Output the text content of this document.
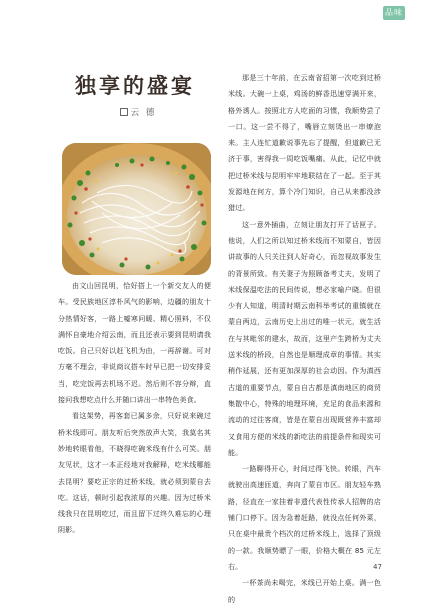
品味
独享的盛宴
云 德

由文山回昆明，恰好搭上一个新交友人的便车。受民族地区淳朴风气的影响，边疆的朋友十分热情好客，一路上嘘寒问暖、精心照料，不仅满怀自豪地介绍云南，而且还表示要到昆明请我吃饭。自己只好以赶飞机为由，一再辞谢。可对方毫不理会，非说商议搭车时早已把一切安排妥当，吃完饭再去机场不迟。然后则不容分辩，直接问我想吃点什么并随口讲出一串特色美食。

看这架势，再客套已属多余，只好说来碗过桥米线即可。朋友听后突然放声大笑，我莫名其妙地转眼看他，不晓得吃碗米线有什么可笑。朋友见状，这才一本正经地对我解释，吃米线哪能去昆明？要吃正宗的过桥米线，就必须到蒙自去吃。这话，顿时引起我浓厚的兴趣。因为过桥米线我只在昆明吃过，而且留下过终久难忘的心理阴影。

那是三十年前，在云南省招第一次吃到过桥米线。大碗一上桌，鸡汤的鲜香迅速穿满开来，格外诱人。按照北方人吃面的习惯，我顺势尝了一口。这一尝不得了，嘴唇立刻烫出一串燎泡来。主人连忙道歉说事先忘了提醒，但道歉已无济于事，害得我一周吃饭嘴痛。从此，记忆中就把过桥米线与昆明牢牢地联结在了一起。至于其发源地在何方，算个冷门知识，自己从来都没涉猎过。

这一意外插曲，立刻让朋友打开了话匣子。他说，人们之所以知过桥米线而不知蒙自，皆因讲故事的人只关注到人好奇心，而忽视故事发生的背景所致。有关妻子为照顾备考丈夫，发明了米线保温吃法的民间传说，想必家喻户晓。但很少有人知道，明清时期云南科举考试的重镇就在蒙自两边，云南历史上出过的唯一状元，就生活在与其毗邻的建水，故而，这里产生跨桥为丈夫送米线的桥段，自然也是顺理成章的事情。其实稍作延展，还有更加深厚的社会动因。作为滇西古道的重要节点，蒙自自古都是滇南地区的商贸集散中心，特殊的地理环境，充足的食品来源和流动的过往客商，皆是在蒙自出现既营养丰富却又食用方便的米线的新吃法的前提条件和现实可能。

一路聊得开心，时间过得飞快。转眼，汽车就驶出高速匝道，奔向了蒙自市区。朋友轻车熟路，径直在一家挂着非遗代表性传承人招牌的店铺门口停下。因为急着赶路，就没点任何外菜，只在桌中最贵个档次的过桥米线上，选择了顶级的一款。我顺势瞟了一眼，价格大概在 85 元左右。

一杯茶尚未喝完，米线已开始上桌。满一色的

47
